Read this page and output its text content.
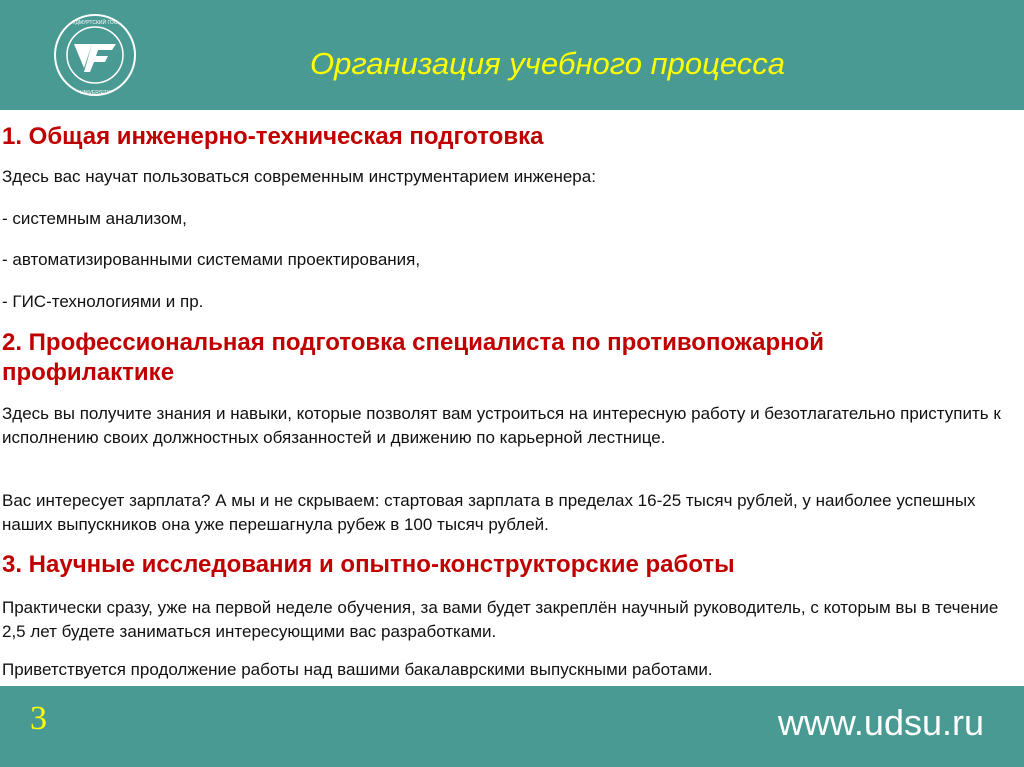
УДМУРТСКИЙ ГОС
UNIVERSITY
Организация учебного процесса
1. Общая инженерно-техническая подготовка

Здесь вас научат пользоваться современным инструментарием инженера:

- системным анализом,

- автоматизированными системами проектирования,

- ГИС-технологиями и пр.

2. Профессиональная подготовка специалиста по противопожарной профилактике

Здесь вы получите знания и навыки, которые позволят вам устроиться на интересную работу и безотлагательно приступить к исполнению своих должностных обязанностей и движению по карьерной лестнице.

Вас интересует зарплата? А мы и не скрываем: стартовая зарплата в пределах 16-25 тысяч рублей, у наиболее успешных наших выпускников она уже перешагнула рубеж в 100 тысяч рублей.

3. Научные исследования и опытно-конструкторские работы

Практически сразу, уже на первой неделе обучения, за вами будет закреплён научный руководитель, с которым вы в течение 2,5 лет будете заниматься интересующими вас разработками.

Приветствуется продолжение работы над вашими бакалаврскими выпускными работами.

3	www.udsu.ru
